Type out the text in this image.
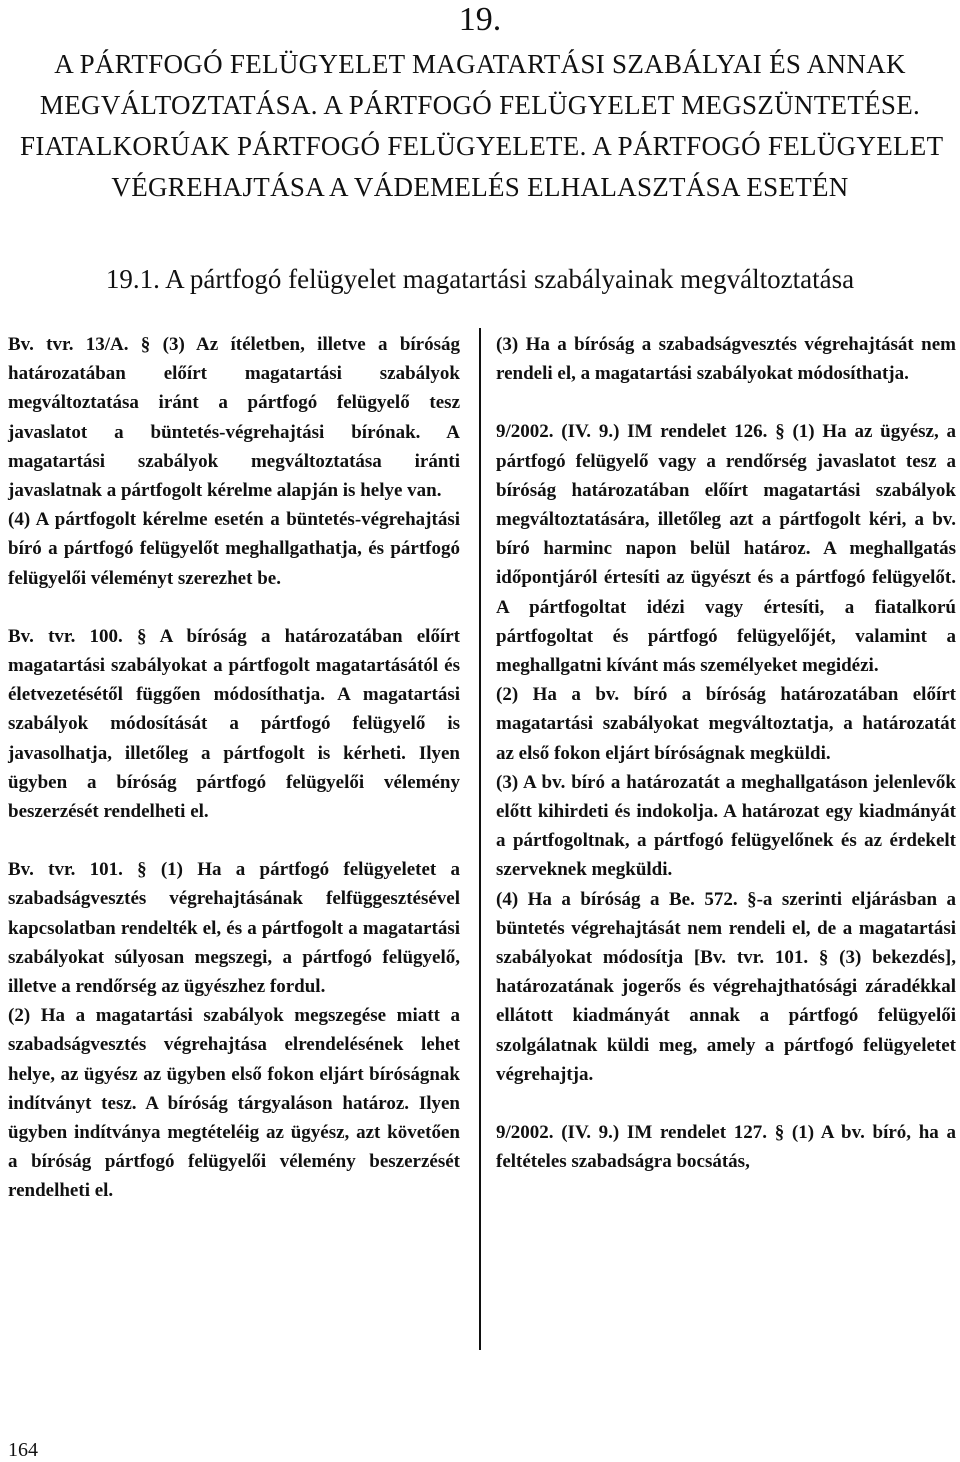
19.
A PÁRTFOGÓ FELÜGYELET MAGATARTÁSI SZABÁLYAI ÉS ANNAK
MEGVÁLTOZTATÁSA. A PÁRTFOGÓ FELÜGYELET MEGSZÜNTETÉSE.
FIATALKORÚAK PÁRTFOGÓ FELÜGYELETE. A PÁRTFOGÓ FELÜGYELET
VÉGREHAJTÁSA A VÁDEMELÉS ELHALASZTÁSA ESETÉN
19.1. A pártfogó felügyelet magatartási szabályainak megváltoztatása

Bv. tvr. 13/A. § (3) Az ítéletben, illetve a bíróság határozatában előírt magatartási szabályok megváltoztatása iránt a pártfogó felügyelő tesz javaslatot a büntetés-végrehajtási bírónak. A magatartási szabályok megváltoztatása iránti javaslatnak a pártfogolt kérelme alapján is helye van.

(4) A pártfogolt kérelme esetén a büntetés-végrehajtási bíró a pártfogó felügyelőt meghallgathatja, és pártfogó felügyelői véleményt szerezhet be.

Bv. tvr. 100. § A bíróság a határozatában előírt magatartási szabályokat a pártfogolt magatartásától és életvezetésétől függően módosíthatja. A magatartási szabályok módosítását a pártfogó felügyelő is javasolhatja, illetőleg a pártfogolt is kérheti. Ilyen ügyben a bíróság pártfogó felügyelői vélemény beszerzését rendelheti el.

Bv. tvr. 101. § (1) Ha a pártfogó felügyeletet a szabadságvesztés végrehajtásának felfüggesztésével kapcsolatban rendelték el, és a pártfogolt a magatartási szabályokat súlyosan megszegi, a pártfogó felügyelő, illetve a rendőrség az ügyészhez fordul.

(2) Ha a magatartási szabályok megszegése miatt a szabadságvesztés végrehajtása elrendelésének lehet helye, az ügyész az ügyben első fokon eljárt bíróságnak indítványt tesz. A bíróság tárgyaláson határoz. Ilyen ügyben indítványa megtételéig az ügyész, azt követően a bíróság pártfogó felügyelői vélemény beszerzését rendelheti el.

(3) Ha a bíróság a szabadságvesztés végrehajtását nem rendeli el, a magatartási szabályokat módosíthatja.

9/2002. (IV. 9.) IM rendelet 126. § (1) Ha az ügyész, a pártfogó felügyelő vagy a rendőrség javaslatot tesz a bíróság határozatában előírt magatartási szabályok megváltoztatására, illetőleg azt a pártfogolt kéri, a bv. bíró harminc napon belül határoz. A meghallgatás időpontjáról értesíti az ügyészt és a pártfogó felügyelőt. A pártfogoltat idézi vagy értesíti, a fiatalkorú pártfogoltat és pártfogó felügyelőjét, valamint a meghallgatni kívánt más személyeket megidézi.

(2) Ha a bv. bíró a bíróság határozatában előírt magatartási szabályokat megváltoztatja, a határozatát az első fokon eljárt bíróságnak megküldi.

(3) A bv. bíró a határozatát a meghallgatáson jelenlevők előtt kihirdeti és indokolja. A határozat egy kiadmányát a pártfogoltnak, a pártfogó felügyelőnek és az érdekelt szerveknek megküldi.

(4) Ha a bíróság a Be. 572. §-a szerinti eljárásban a büntetés végrehajtását nem rendeli el, de a magatartási szabályokat módosítja [Bv. tvr. 101. § (3) bekezdés], határozatának jogerős és végrehajthatósági záradékkal ellátott kiadmányát annak a pártfogó felügyelői szolgálatnak küldi meg, amely a pártfogó felügyeletet végrehajtja.

9/2002. (IV. 9.) IM rendelet 127. § (1) A bv. bíró, ha a feltételes szabadságra bocsátás,

164
